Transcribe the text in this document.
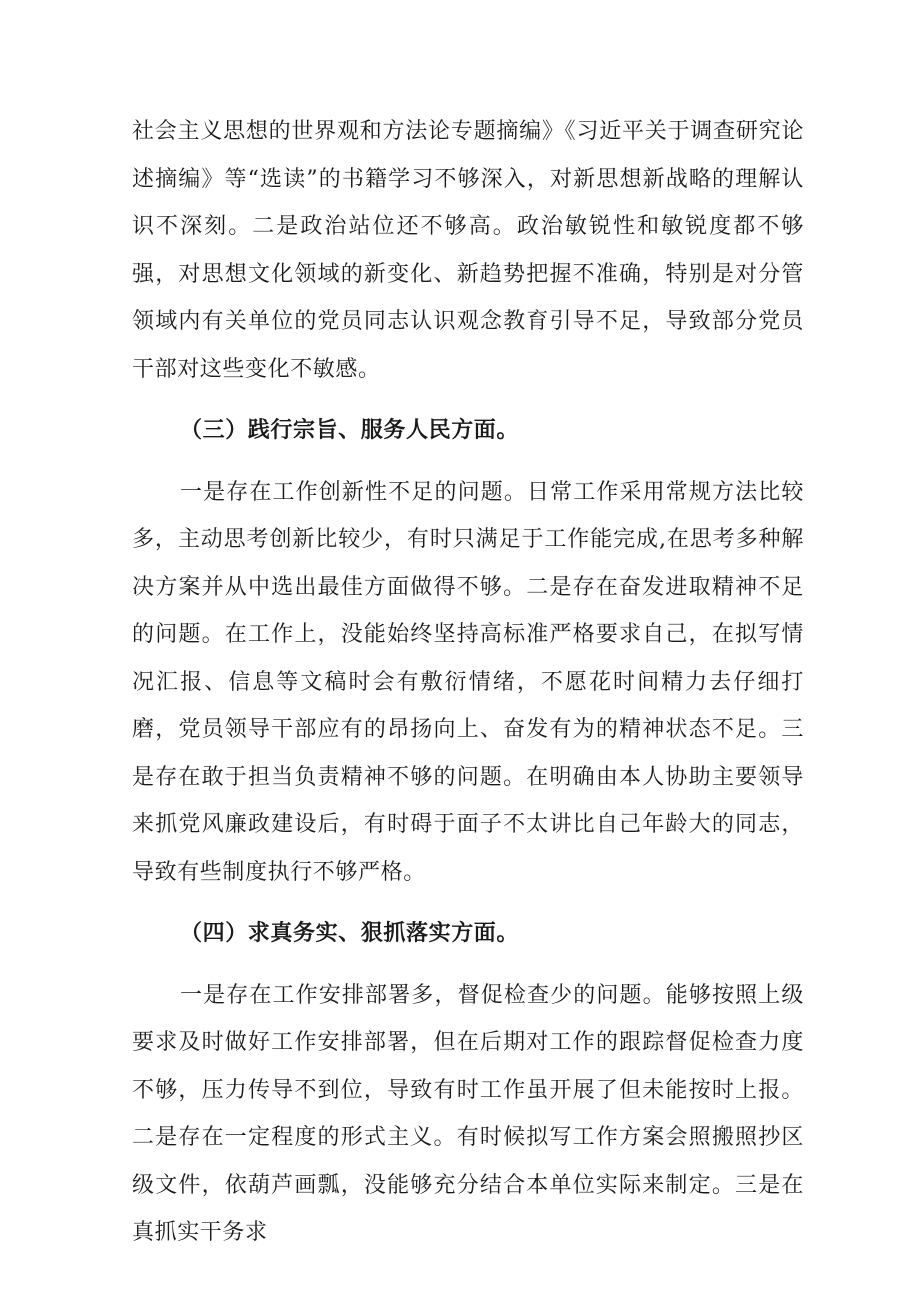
社会主义思想的世界观和方法论专题摘编》《习近平关于调查研究论述摘编》等“选读”的书籍学习不够深入，对新思想新战略的理解认识不深刻。二是政治站位还不够高。政治敏锐性和敏锐度都不够强，对思想文化领域的新变化、新趋势把握不准确，特别是对分管领域内有关单位的党员同志认识观念教育引导不足，导致部分党员干部对这些变化不敏感。

（三）践行宗旨、服务人民方面。

一是存在工作创新性不足的问题。日常工作采用常规方法比较多，主动思考创新比较少，有时只满足于工作能完成,在思考多种解决方案并从中选出最佳方面做得不够。二是存在奋发进取精神不足的问题。在工作上，没能始终坚持高标准严格要求自己，在拟写情况汇报、信息等文稿时会有敷衍情绪，不愿花时间精力去仔细打磨，党员领导干部应有的昂扬向上、奋发有为的精神状态不足。三是存在敢于担当负责精神不够的问题。在明确由本人协助主要领导来抓党风廉政建设后，有时碍于面子不太讲比自己年龄大的同志，导致有些制度执行不够严格。

（四）求真务实、狠抓落实方面。

一是存在工作安排部署多，督促检查少的问题。能够按照上级要求及时做好工作安排部署，但在后期对工作的跟踪督促检查力度不够，压力传导不到位，导致有时工作虽开展了但未能按时上报。二是存在一定程度的形式主义。有时候拟写工作方案会照搬照抄区级文件，依葫芦画瓢，没能够充分结合本单位实际来制定。三是在真抓实干务求
